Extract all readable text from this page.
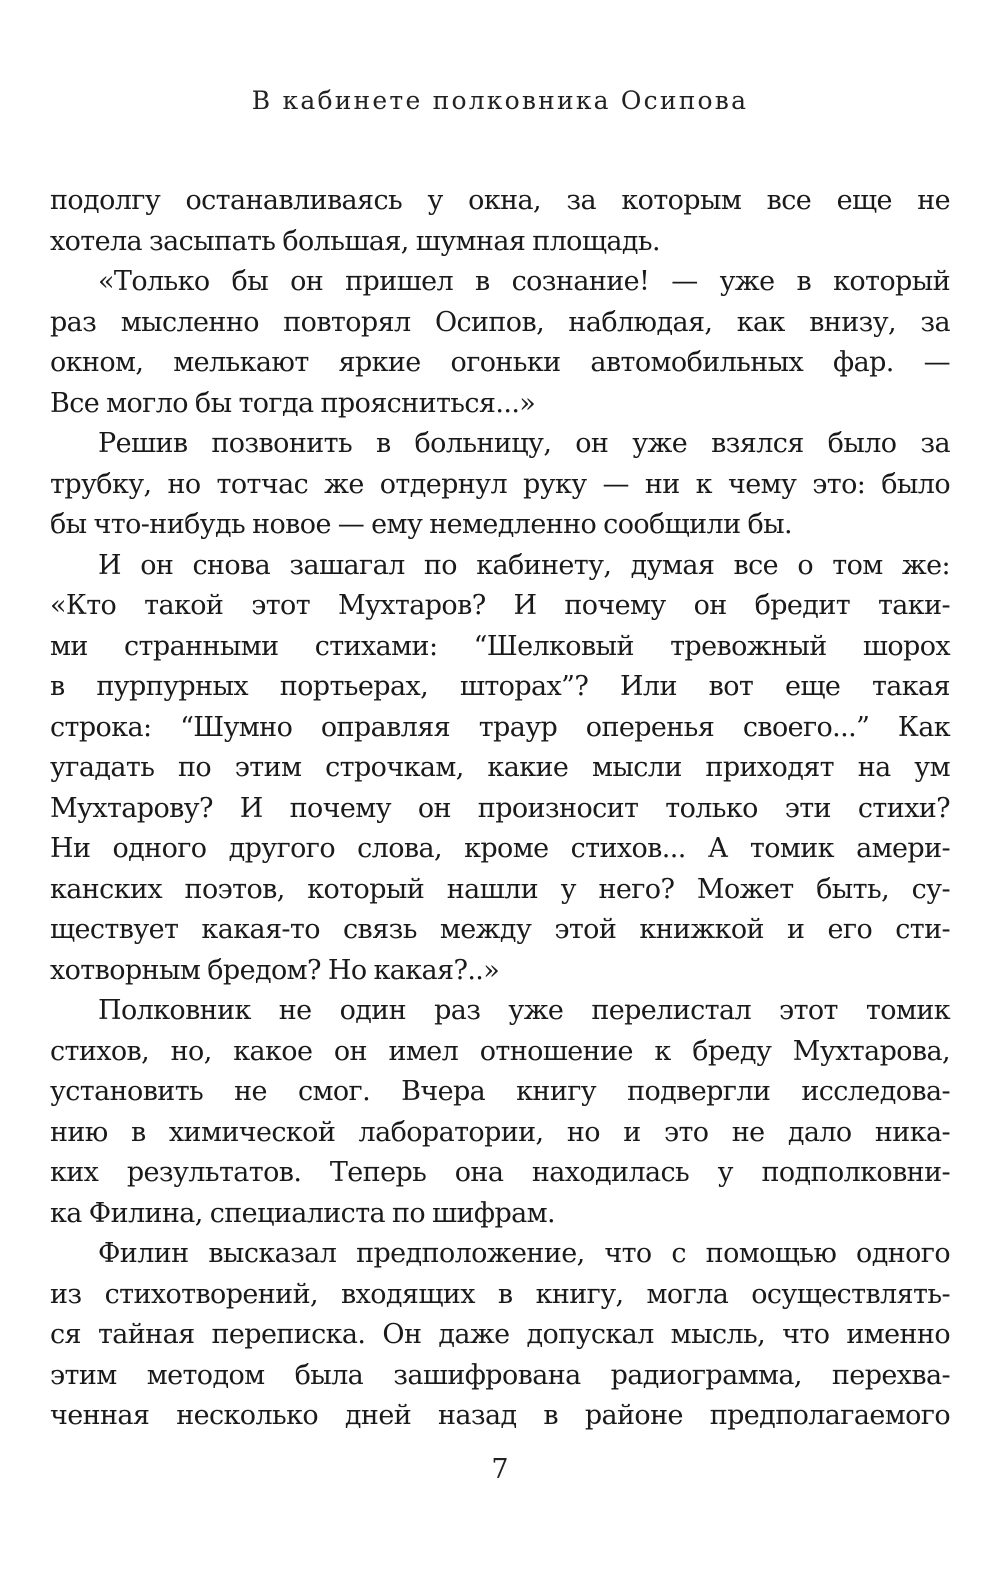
В кабинете полковника Осипова
подолгу останавливаясь у окна, за которым все еще не
хотела засыпать большая, шумная площадь.
«Только бы он пришел в сознание! — уже в который
раз мысленно повторял Осипов, наблюдая, как внизу, за
окном, мелькают яркие огоньки автомобильных фар. —
Все могло бы тогда проясниться...»
Решив позвонить в больницу, он уже взялся было за
трубку, но тотчас же отдернул руку — ни к чему это: было
бы что-нибудь новое — ему немедленно сообщили бы.
И он снова зашагал по кабинету, думая все о том же:
«Кто такой этот Мухтаров? И почему он бредит таки-
ми странными стихами: “Шелковый тревожный шорох
в пурпурных портьерах, шторах”? Или вот еще такая
строка: “Шумно оправляя траур оперенья своего...” Как
угадать по этим строчкам, какие мысли приходят на ум
Мухтарову? И почему он произносит только эти стихи?
Ни одного другого слова, кроме стихов... А томик амери-
канских поэтов, который нашли у него? Может быть, су-
ществует какая-то связь между этой книжкой и его сти-
хотворным бредом? Но какая?..»
Полковник не один раз уже перелистал этот томик
стихов, но, какое он имел отношение к бреду Мухтарова,
установить не смог. Вчера книгу подвергли исследова-
нию в химической лаборатории, но и это не дало ника-
ких результатов. Теперь она находилась у подполковни-
ка Филина, специалиста по шифрам.
Филин высказал предположение, что с помощью одного
из стихотворений, входящих в книгу, могла осуществлять-
ся тайная переписка. Он даже допускал мысль, что именно
этим методом была зашифрована радиограмма, перехва-
ченная несколько дней назад в районе предполагаемого
7
